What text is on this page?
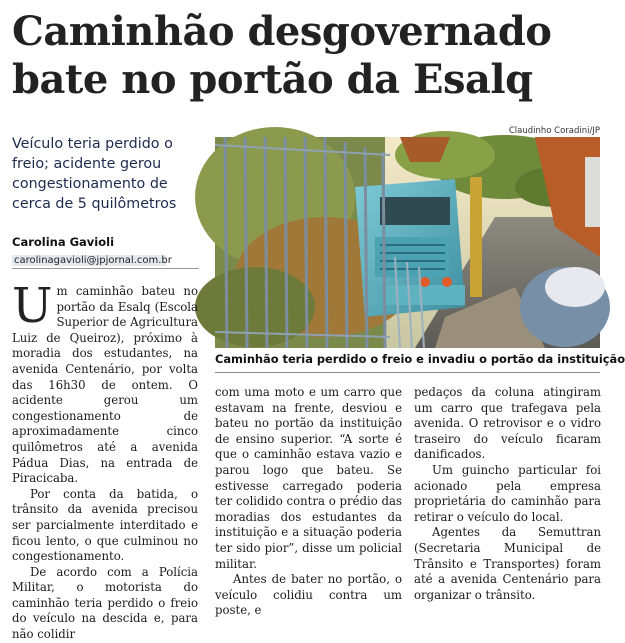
Caminhão desgovernado
bate no portão da Esalq

Veículo teria perdido o freio; acidente gerou congestionamento de cerca de 5 quilômetros

Carolina Gavioli
carolinagavioli@jpjornal.com.br
Claudinho Coradini/JP

Caminhão teria perdido o freio e invadiu o portão da instituição

Um caminhão bateu no portão da Esalq (Escola Superior de Agricultura Luiz de Queiroz), próximo à moradia dos estudantes, na avenida Centenário, por volta das 16h30 de ontem. O acidente gerou um congestionamento de aproximadamente cinco quilômetros até a avenida Pádua Dias, na entrada de Piracicaba.

Por conta da batida, o trânsito da avenida precisou ser parcialmente interditado e ficou lento, o que culminou no congestionamento.

De acordo com a Polícia Militar, o motorista do caminhão teria perdido o freio do veículo na descida e, para não colidir

com uma moto e um carro que estavam na frente, desviou e bateu no portão da instituição de ensino superior. “A sorte é que o caminhão estava vazio e parou logo que bateu. Se estivesse carregado poderia ter colidido contra o prédio das moradias dos estudantes da instituição e a situação poderia ter sido pior”, disse um policial militar.

Antes de bater no portão, o veículo colidiu contra um poste, e

pedaços da coluna atingiram um carro que trafegava pela avenida. O retrovisor e o vidro traseiro do veículo ficaram danificados.

Um guincho particular foi acionado pela empresa proprietária do caminhão para retirar o veículo do local.

Agentes da Semuttran (Secretaria Municipal de Trânsito e Transportes) foram até a avenida Centenário para organizar o trânsito.
